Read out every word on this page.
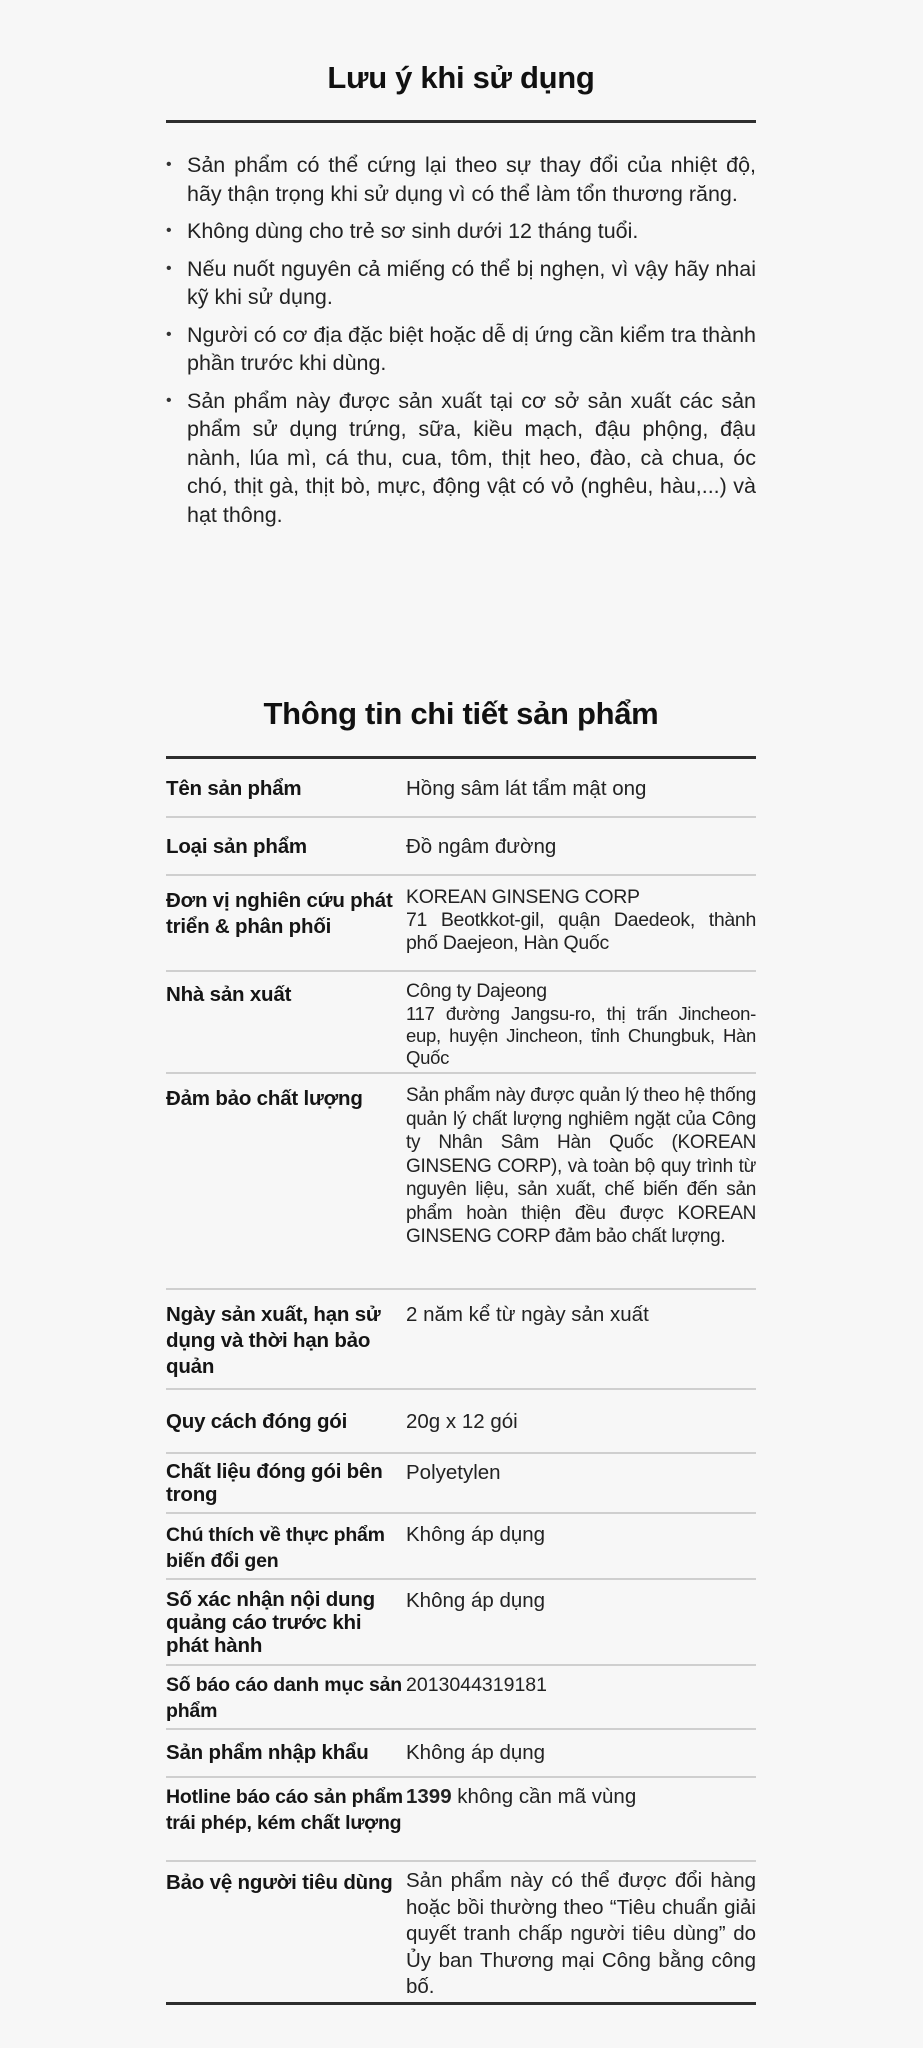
Lưu ý khi sử dụng
• Sản phẩm có thể cứng lại theo sự thay đổi của nhiệt độ, hãy thận trọng khi sử dụng vì có thể làm tổn thương răng.
• Không dùng cho trẻ sơ sinh dưới 12 tháng tuổi.
• Nếu nuốt nguyên cả miếng có thể bị nghẹn, vì vậy hãy nhai kỹ khi sử dụng.
• Người có cơ địa đặc biệt hoặc dễ dị ứng cần kiểm tra thành phần trước khi dùng.
• Sản phẩm này được sản xuất tại cơ sở sản xuất các sản phẩm sử dụng trứng, sữa, kiều mạch, đậu phộng, đậu nành, lúa mì, cá thu, cua, tôm, thịt heo, đào, cà chua, óc chó, thịt gà, thịt bò, mực, động vật có vỏ (nghêu, hàu,...) và hạt thông.
Thông tin chi tiết sản phẩm
Tên sản phẩm	Hồng sâm lát tẩm mật ong
Loại sản phẩm	Đồ ngâm đường
Đơn vị nghiên cứu phát triển & phân phối	KOREAN GINSENG CORP
71 Beotkkot-gil, quận Daedeok, thành phố Daejeon, Hàn Quốc

Nhà sản xuất	Công ty Dajeong
117 đường Jangsu-ro, thị trấn Jincheon-eup, huyện Jincheon, tỉnh Chungbuk, Hàn Quốc

Đảm bảo chất lượng	Sản phẩm này được quản lý theo hệ thống quản lý chất lượng nghiêm ngặt của Công ty Nhân Sâm Hàn Quốc (KOREAN GINSENG CORP), và toàn bộ quy trình từ nguyên liệu, sản xuất, chế biến đến sản phẩm hoàn thiện đều được KOREAN GINSENG CORP đảm bảo chất lượng.

Ngày sản xuất, hạn sử dụng và thời hạn bảo quản	2 năm kể từ ngày sản xuất
Quy cách đóng gói	20g x 12 gói
Chất liệu đóng gói bên trong	Polyetylen
Chú thích về thực phẩm biến đổi gen	Không áp dụng
Số xác nhận nội dung quảng cáo trước khi phát hành	Không áp dụng
Số báo cáo danh mục sản phẩm	2013044319181
Sản phẩm nhập khẩu	Không áp dụng
Hotline báo cáo sản phẩm trái phép, kém chất lượng	1399 không cần mã vùng
Bảo vệ người tiêu dùng	Sản phẩm này có thể được đổi hàng hoặc bồi thường theo “Tiêu chuẩn giải quyết tranh chấp người tiêu dùng” do Ủy ban Thương mại Công bằng công bố.
